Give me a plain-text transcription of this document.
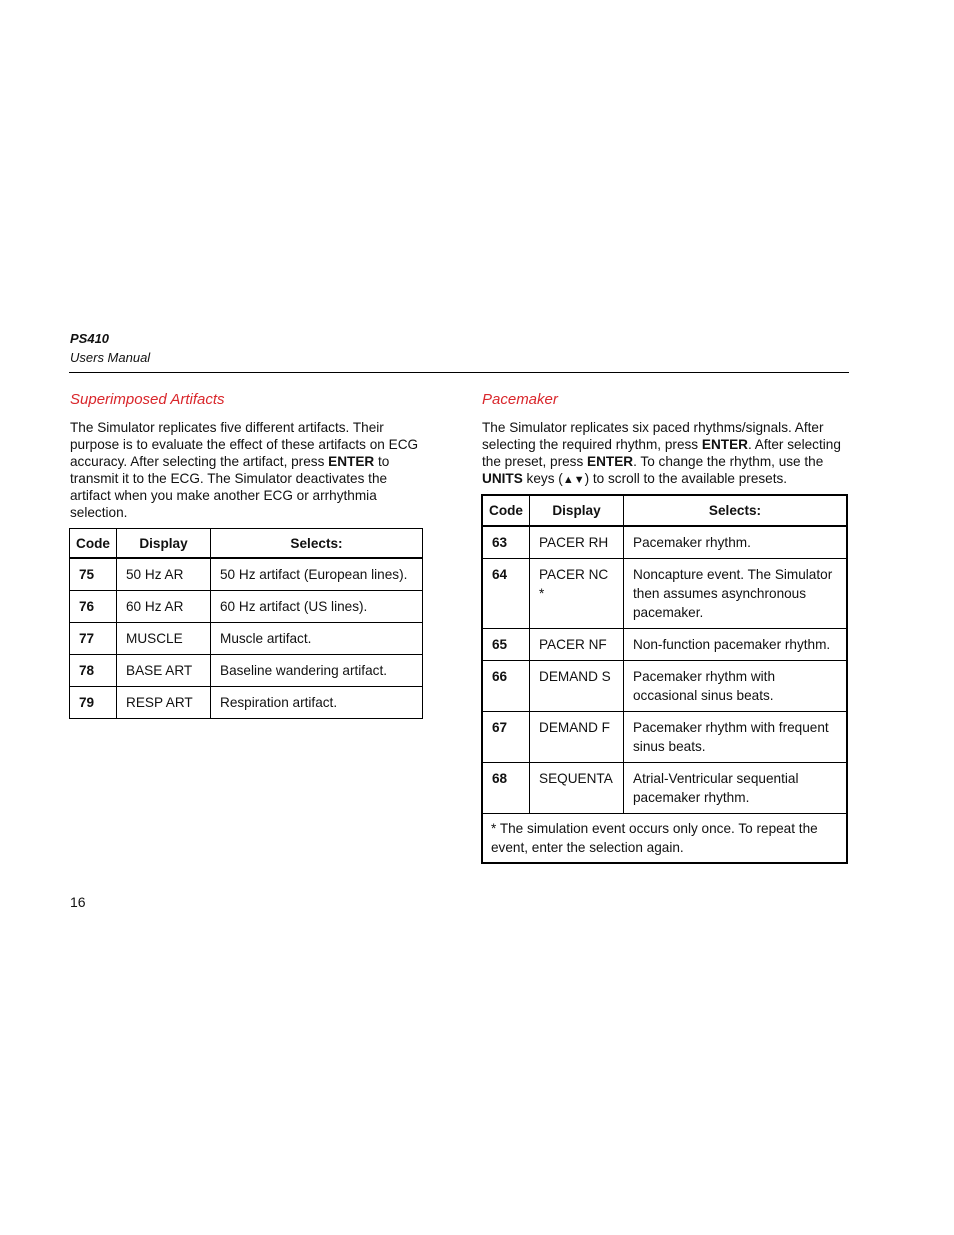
PS410
Users Manual
Superimposed Artifacts

The Simulator replicates five different artifacts. Their purpose is to evaluate the effect of these artifacts on ECG accuracy. After selecting the artifact, press ENTER to transmit it to the ECG. The Simulator deactivates the artifact when you make another ECG or arrhythmia selection.

Code	Display	Selects:
75	50 Hz AR	50 Hz artifact (European lines).
76	60 Hz AR	60 Hz artifact (US lines).
77	MUSCLE	Muscle artifact.
78	BASE ART	Baseline wandering artifact.
79	RESP ART	Respiration artifact.
Pacemaker

The Simulator replicates six paced rhythms/signals. After selecting the required rhythm, press ENTER. After selecting the preset, press ENTER. To change the rhythm, use the UNITS keys (▲▼) to scroll to the available presets.

Code	Display	Selects:
63	PACER RH	Pacemaker rhythm.
64	PACER NC *	Noncapture event. The Simulator then assumes asynchronous pacemaker.
65	PACER NF	Non-function pacemaker rhythm.
66	DEMAND S	Pacemaker rhythm with occasional sinus beats.
67	DEMAND F	Pacemaker rhythm with frequent sinus beats.
68	SEQUENTA	Atrial-Ventricular sequential pacemaker rhythm.
* The simulation event occurs only once. To repeat the event, enter the selection again.		
16
